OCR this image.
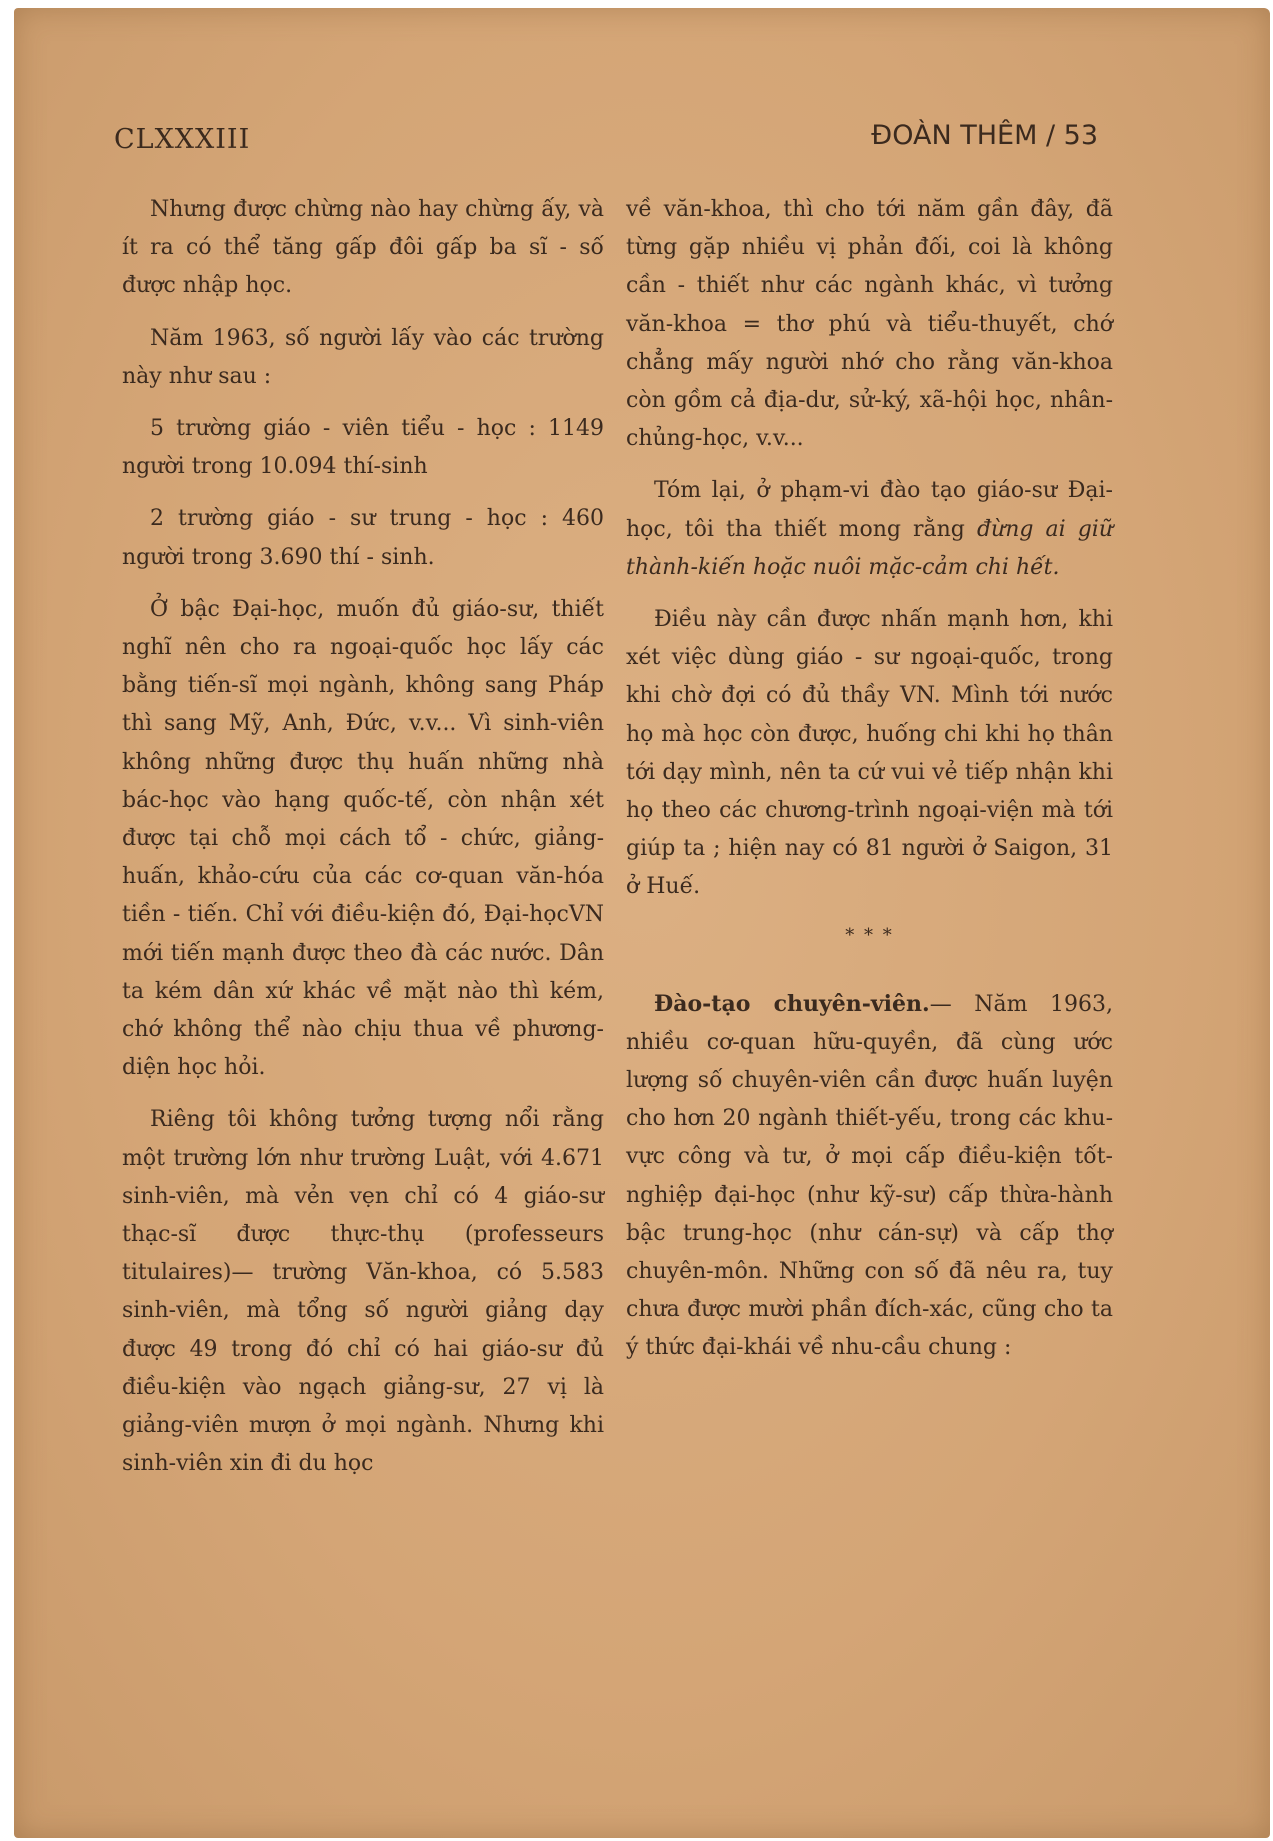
CLXXXIII	ĐOÀN THÊM / 53

Nhưng được chừng nào hay chừng ấy, và ít ra có thể tăng gấp đôi gấp ba sĩ - số được nhập học.

Năm 1963, số người lấy vào các trường này như sau :

5 trường giáo - viên tiểu - học : 1149 người trong 10.094 thí-sinh

2 trường giáo - sư trung - học : 460 người trong 3.690 thí - sinh.

Ở bậc Đại-học, muốn đủ giáo-sư, thiết nghĩ nên cho ra ngoại-quốc học lấy các bằng tiến-sĩ mọi ngành, không sang Pháp thì sang Mỹ, Anh, Đức, v.v... Vì sinh-viên không những được thụ huấn những nhà bác-học vào hạng quốc-tế, còn nhận xét được tại chỗ mọi cách tổ - chức, giảng-huấn, khảo-cứu của các cơ-quan văn-hóa tiền - tiến. Chỉ với điều-kiện đó, Đại-họcVN mới tiến mạnh được theo đà các nước. Dân ta kém dân xứ khác về mặt nào thì kém, chớ không thể nào chịu thua về phương-diện học hỏi.

Riêng tôi không tưởng tượng nổi rằng một trường lớn như trường Luật, với 4.671 sinh-viên, mà vẻn vẹn chỉ có 4 giáo-sư thạc-sĩ được thực-thụ (professeurs titulaires)— trường Văn-khoa, có 5.583 sinh-viên, mà tổng số người giảng dạy được 49 trong đó chỉ có hai giáo-sư đủ điều-kiện vào ngạch giảng-sư, 27 vị là giảng-viên mượn ở mọi ngành. Nhưng khi sinh-viên xin đi du học

về văn-khoa, thì cho tới năm gần đây, đã từng gặp nhiều vị phản đối, coi là không cần - thiết như các ngành khác, vì tưởng văn-khoa = thơ phú và tiểu-thuyết, chớ chẳng mấy người nhớ cho rằng văn-khoa còn gồm cả địa-dư, sử-ký, xã-hội học, nhân-chủng-học, v.v...

Tóm lại, ở phạm-vi đào tạo giáo-sư Đại-học, tôi tha thiết mong rằng đừng ai giữ thành-kiến hoặc nuôi mặc-cảm chi hết.

Điều này cần được nhấn mạnh hơn, khi xét việc dùng giáo - sư ngoại-quốc, trong khi chờ đợi có đủ thầy VN. Mình tới nước họ mà học còn được, huống chi khi họ thân tới dạy mình, nên ta cứ vui vẻ tiếp nhận khi họ theo các chương-trình ngoại-viện mà tới giúp ta ; hiện nay có 81 người ở Saigon, 31 ở Huế.

* * *

Đào-tạo chuyên-viên.— Năm 1963, nhiều cơ-quan hữu-quyền, đã cùng ước lượng số chuyên-viên cần được huấn luyện cho hơn 20 ngành thiết-yếu, trong các khu-vực công và tư, ở mọi cấp điều-kiện tốt-nghiệp đại-học (như kỹ-sư) cấp thừa-hành bậc trung-học (như cán-sự) và cấp thợ chuyên-môn. Những con số đã nêu ra, tuy chưa được mười phần đích-xác, cũng cho ta ý thức đại-khái về nhu-cầu chung :
